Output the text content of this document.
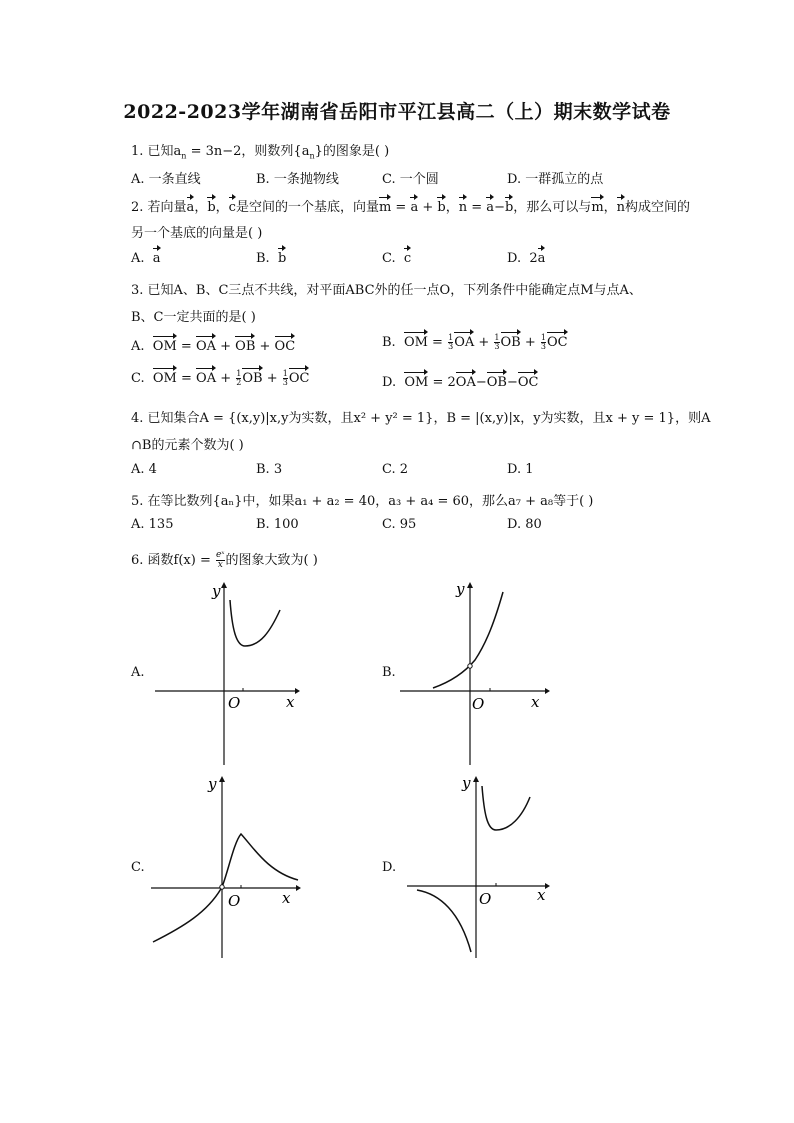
2022-2023学年湖南省岳阳市平江县高二（上）期末数学试卷
1. 已知$a_n = 3n-2$，则数列$\{a_n\}$的图象是( )
A. 一条直线	B. 一条抛物线	C. 一个圆	D. 一群孤立的点
2. 若向量a，b，c是空间的一个基底，向量m = a + b，n = a−b，那么可以与m，n构成空间的
另一个基底的向量是( )
A. a	B. b	C. c	D. 2a
3. 已知A、B、C三点不共线，对平面ABC外的任一点O，下列条件中能确定点M与点A、
B、C一定共面的是( )
A. OM = OA + OB + OC	B. OM = $\frac{1}{3}$ OA + $\frac{1}{3}$ OB + $\frac{1}{3}$ OC
C. OM = OA + $\frac{1}{2}$ OB + $\frac{1}{3}$ OC	D. OM = 2OA−OB−OC
4. 已知集合A = {(x,y)|x,y为实数，且x² + y² = 1}，B = |(x,y)|x，y为实数，且x + y = 1}，则A
∩B的元素个数为( )
A. 4	B. 3	C. 2	D. 1
5. 在等比数列{aₙ}中，如果a₁ + a₂ = 40，a₃ + a₄ = 60，那么a₇ + a₈等于( )
A. 135	B. 100	C. 95	D. 80
6. 函数$f(x) = \frac{\text{eˣ}}{x}$ 的图象大致为( )
A.	B.
C.	D.
O	x
y
O	x
y
O	x
y
O	x
y
